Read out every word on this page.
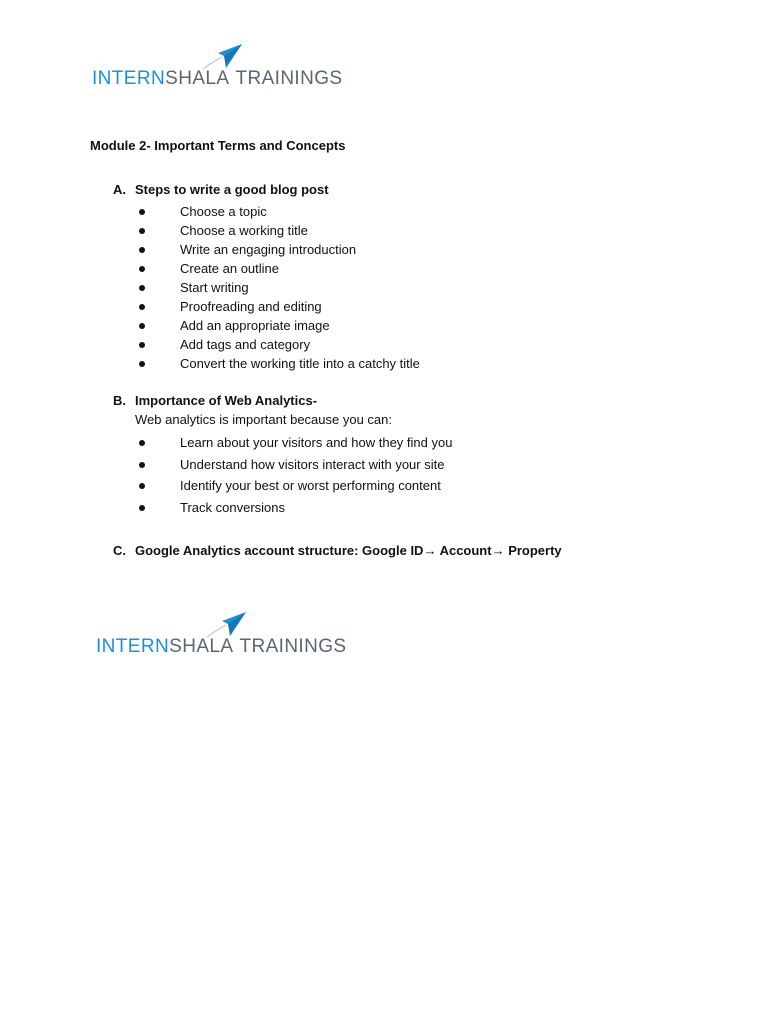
INTERNSHALA TRAININGS
Module 2- Important Terms and Concepts
A. Steps to write a good blog post
Choose a topic
Choose a working title
Write an engaging introduction
Create an outline
Start writing
Proofreading and editing
Add an appropriate image
Add tags and category
Convert the working title into a catchy title
B. Importance of Web Analytics-
Web analytics is important because you can:
Learn about your visitors and how they find you
Understand how visitors interact with your site
Identify your best or worst performing content
Track conversions
C. Google Analytics account structure: Google ID→ Account→ Property
INTERNSHALA TRAININGS
